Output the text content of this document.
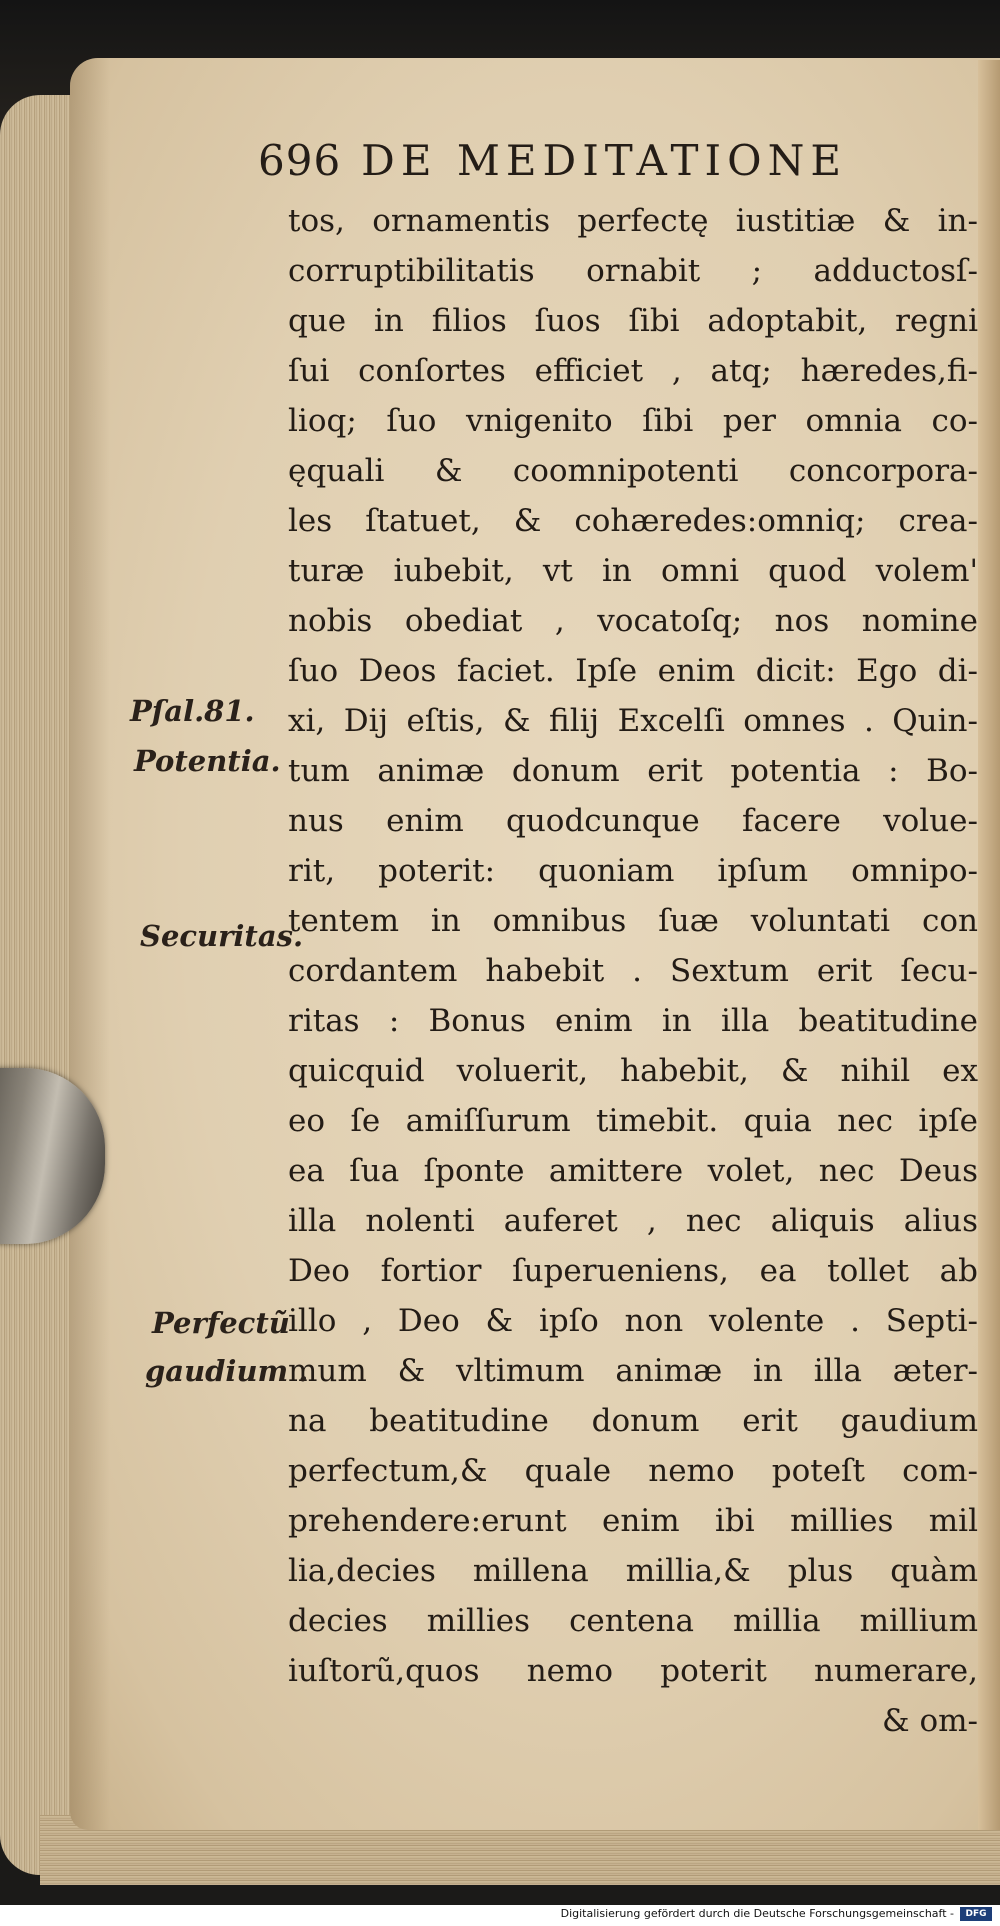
696 DE MEDITATIONE
tos, ornamentis perfectę iustitiæ & in-
corruptibilitatis ornabit ; adductosſ-
que in filios ſuos ſibi adoptabit, regni
ſui conſortes efficiet , atq; hæredes,fi-
lioq; ſuo vnigenito ſibi per omnia co-
ęquali & coomnipotenti concorpora-
les ſtatuet, & cohæredes:omniq; crea-
turæ iubebit, vt in omni quod volem'
nobis obediat , vocatoſq; nos nomine
ſuo Deos faciet. Ipſe enim dicit: Ego di-
xi, Dij eſtis, & filij Excelſi omnes . Quin-
tum animæ donum erit potentia : Bo-
nus enim quodcunque facere volue-
rit, poterit: quoniam ipſum omnipo-
tentem in omnibus ſuæ voluntati con
cordantem habebit . Sextum erit ſecu-
ritas : Bonus enim in illa beatitudine
quicquid voluerit, habebit, & nihil ex
eo ſe amiſſurum timebit. quia nec ipſe
ea ſua ſponte amittere volet, nec Deus
illa nolenti auferet , nec aliquis alius
Deo fortior ſuperueniens, ea tollet ab
illo , Deo & ipſo non volente . Septi-
mum & vltimum animæ in illa æter-
na beatitudine donum erit gaudium
perfectum,& quale nemo poteſt com-
prehendere:erunt enim ibi millies mil
lia,decies millena millia,& plus quàm
decies millies centena millia millium
iuſtorũ,quos nemo poterit numerare,
& om-
Pſal.81.
Potentia.
Securitas.
Perfectũ
gaudium .
Digitalisierung gefördert durch die Deutsche Forschungsgemeinschaft -	DFG
